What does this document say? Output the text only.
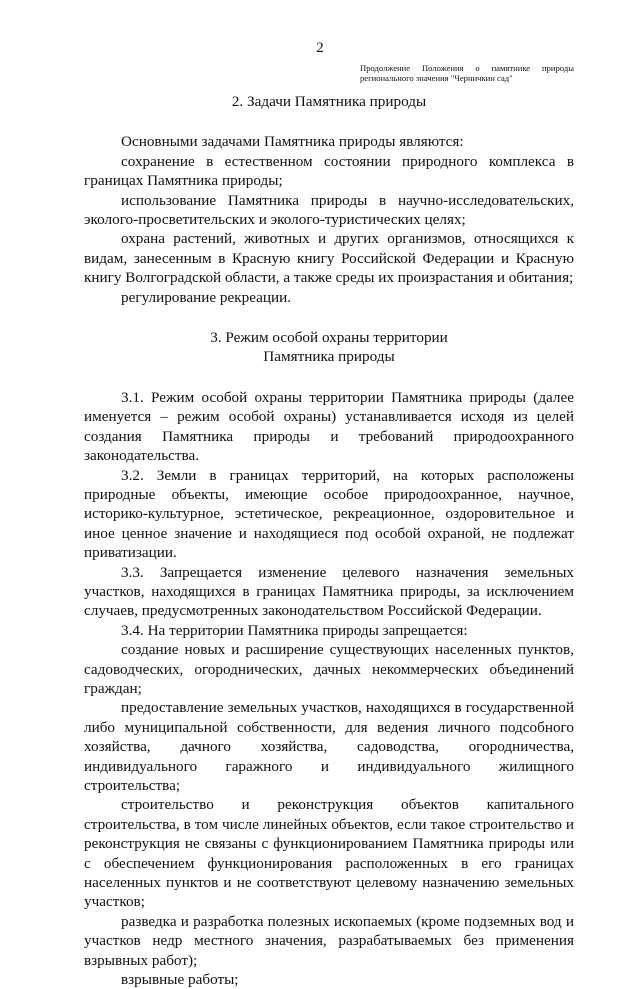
2
Продолжение Положения о памятнике природы
регионального значения "Черничкин сад"
2. Задачи Памятника природы
Основными задачами Памятника природы являются:
сохранение в естественном состоянии природного комплекса в границах Памятника природы;
использование Памятника природы в научно-исследовательских, эколого-просветительских и эколого-туристических целях;
охрана растений, животных и других организмов, относящихся к видам, занесенным в Красную книгу Российской Федерации и Красную книгу Волгоградской области, а также среды их произрастания и обитания;
регулирование рекреации.
3. Режим особой охраны территории
Памятника природы
3.1. Режим особой охраны территории Памятника природы (далее именуется – режим особой охраны) устанавливается исходя из целей создания Памятника природы и требований природоохранного законодательства.
3.2. Земли в границах территорий, на которых расположены природные объекты, имеющие особое природоохранное, научное, историко-культурное, эстетическое, рекреационное, оздоровительное и иное ценное значение и находящиеся под особой охраной, не подлежат приватизации.
3.3. Запрещается изменение целевого назначения земельных участков, находящихся в границах Памятника природы, за исключением случаев, предусмотренных законодательством Российской Федерации.
3.4. На территории Памятника природы запрещается:
создание новых и расширение существующих населенных пунктов, садоводческих, огороднических, дачных некоммерческих объединений граждан;
предоставление земельных участков, находящихся в государственной либо муниципальной собственности, для ведения личного подсобного хозяйства, дачного хозяйства, садоводства, огородничества, индивидуального гаражного и индивидуального жилищного строительства;
строительство и реконструкция объектов капитального строительства, в том числе линейных объектов, если такое строительство и реконструкция не связаны с функционированием Памятника природы или с обеспечением функционирования расположенных в его границах населенных пунктов и не соответствуют целевому назначению земельных участков;
разведка и разработка полезных ископаемых (кроме подземных вод и участков недр местного значения, разрабатываемых без применения взрывных работ);
взрывные работы;
